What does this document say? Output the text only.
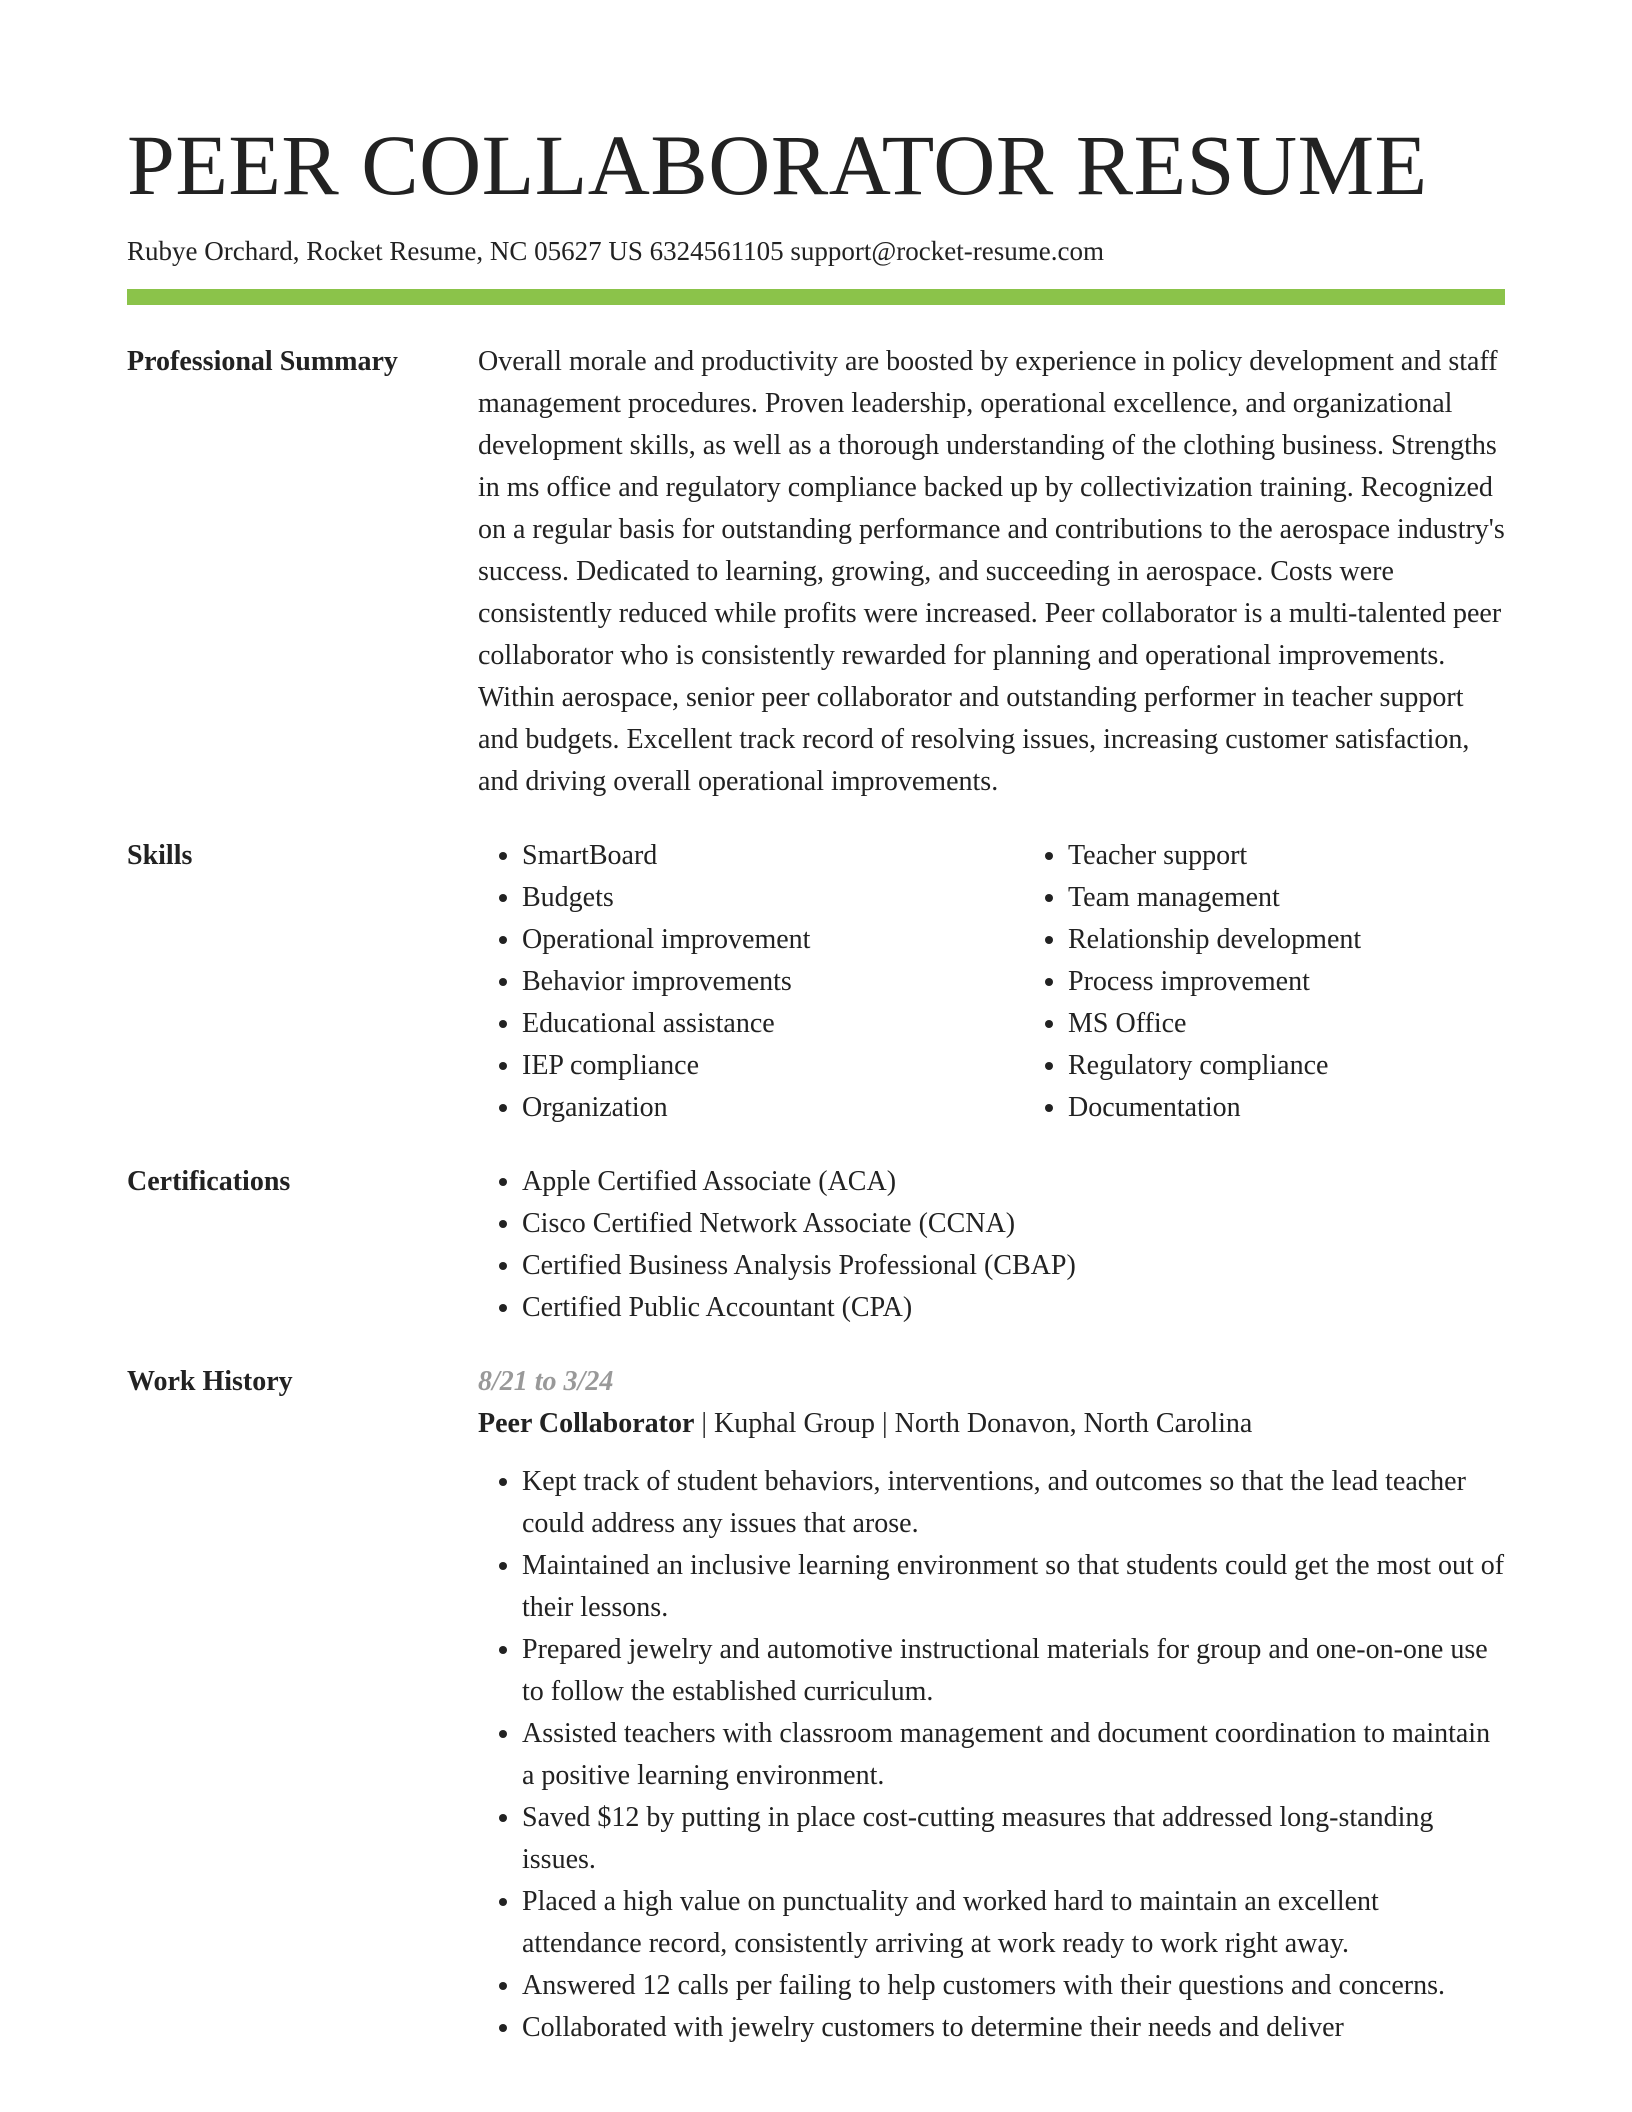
PEER COLLABORATOR RESUME
Rubye Orchard, Rocket Resume, NC 05627 US 6324561105 support@rocket-resume.com
Professional Summary	Overall morale and productivity are boosted by experience in policy development and staff management procedures. Proven leadership, operational excellence, and organizational development skills, as well as a thorough understanding of the clothing business. Strengths in ms office and regulatory compliance backed up by collectivization training. Recognized on a regular basis for outstanding performance and contributions to the aerospace industry's success. Dedicated to learning, growing, and succeeding in aerospace. Costs were consistently reduced while profits were increased. Peer collaborator is a multi-talented peer collaborator who is consistently rewarded for planning and operational improvements. Within aerospace, senior peer collaborator and outstanding performer in teacher support and budgets. Excellent track record of resolving issues, increasing customer satisfaction, and driving overall operational improvements.

Skills	• SmartBoard
• Budgets
• Operational improvement
• Behavior improvements
• Educational assistance
• IEP compliance
• Organization
• Teacher support
• Team management
• Relationship development
• Process improvement
• MS Office
• Regulatory compliance
• Documentation
Certifications	• Apple Certified Associate (ACA)
• Cisco Certified Network Associate (CCNA)
• Certified Business Analysis Professional (CBAP)
• Certified Public Accountant (CPA)
Work History	8/21 to 3/24
Peer Collaborator | Kuphal Group | North Donavon, North Carolina
• Kept track of student behaviors, interventions, and outcomes so that the lead teacher could address any issues that arose.
• Maintained an inclusive learning environment so that students could get the most out of their lessons.
• Prepared jewelry and automotive instructional materials for group and one-on-one use to follow the established curriculum.
• Assisted teachers with classroom management and document coordination to maintain a positive learning environment.
• Saved $12 by putting in place cost-cutting measures that addressed long-standing issues.
• Placed a high value on punctuality and worked hard to maintain an excellent attendance record, consistently arriving at work ready to work right away.
• Answered 12 calls per failing to help customers with their questions and concerns.
• Collaborated with jewelry customers to determine their needs and deliver
